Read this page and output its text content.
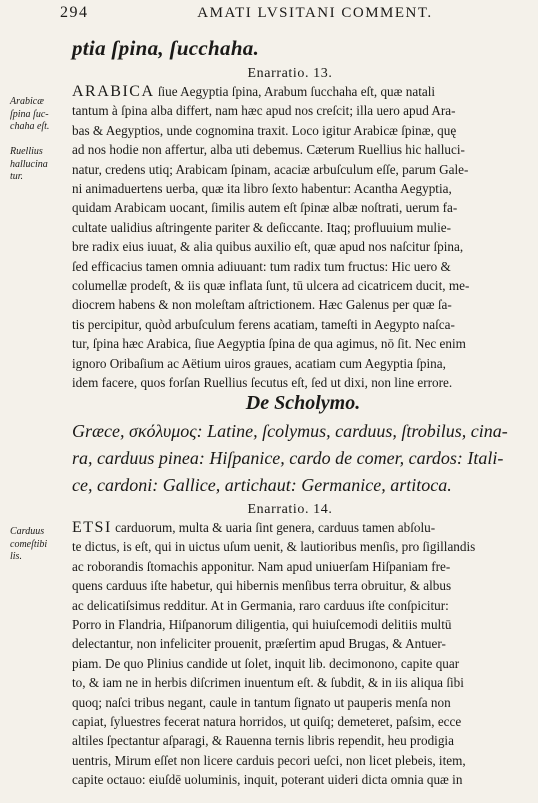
294	AMATI LVSITANI COMMENT.
ptia ſpina, ſucchaha.
Enarratio. 13.
Arabicæ
ſpina ſuc-
chaha eſt.
Ruellius
hallucina
tur.
ARABICA ſiue Aegyptia ſpina, Arabum ſucchaha eſt, quæ natali
tantum à ſpina alba differt, nam hæc apud nos creſcit; illa uero apud Ara-
bas & Aegyptios, unde cognomina traxit. Loco igitur Arabicæ ſpinæ, quę
ad nos hodie non affertur, alba uti debemus. Cæterum Ruellius hic halluci-
natur, credens utiq; Arabicam ſpinam, acaciæ arbuſculum eſſe, parum Gale-
ni animaduertens uerba, quæ ita libro ſexto habentur: Acantha Aegyptia,
quidam Arabicam uocant, ſimilis autem eſt ſpinæ albæ noſtrati, uerum fa-
cultate ualidius aſtringente pariter & deſiccante. Itaq; profluuium mulie-
bre radix eius iuuat, & alia quibus auxilio eſt, quæ apud nos naſcitur ſpina,
ſed efficacius tamen omnia adiuuant: tum radix tum fructus: Hic uero &
columellæ prodeſt, & iis quæ inflata ſunt, tū ulcera ad cicatricem ducit, me-
diocrem habens & non moleſtam aſtrictionem. Hæc Galenus per quæ ſa-
tis percipitur, quòd arbuſculum ferens acatiam, tameſti in Aegypto naſca-
tur, ſpina hæc Arabica, ſiue Aegyptia ſpina de qua agimus, nō ſit. Nec enim
ignoro Oribaſium ac Aëtium uiros graues, acatiam cum Aegyptia ſpina,
idem facere, quos forſan Ruellius ſecutus eſt, ſed ut dixi, non line errore.
De Scholymo.
Græce, σκόλυμος: Latine, ſcolymus, carduus, ſtrobilus, cina-
ra, carduus pinea: Hiſpanice, cardo de comer, cardos: Itali-
ce, cardoni: Gallice, artichaut: Germanice, artitoca.
Enarratio. 14.
Carduus
comeſtibi
lis.
ETSI carduorum, multa & uaria ſint genera, carduus tamen abſolu-
te dictus, is eſt, qui in uictus uſum uenit, & lautioribus menſis, pro ſigillandis
ac roborandis ſtomachis apponitur. Nam apud uniuerſam Hiſpaniam fre-
quens carduus iſte habetur, qui hibernis menſibus terra obruitur, & albus
ac delicatiſsimus redditur. At in Germania, raro carduus iſte conſpicitur:
Porro in Flandria, Hiſpanorum diligentia, qui huiuſcemodi delitiis multū
delectantur, non infeliciter prouenit, præſertim apud Brugas, & Antuer-
piam. De quo Plinius candide ut ſolet, inquit lib. decimonono, capite quar
to, & iam ne in herbis diſcrimen inuentum eſt. & ſubdit, & in iis aliqua ſibi
quoq; naſci tribus negant, caule in tantum ſignato ut pauperis menſa non
capiat, ſyluestres fecerat natura horridos, ut quiſq; demeteret, paſsim, ecce
altiles ſpectantur aſparagi, & Rauenna ternis libris rependit, heu prodigia
uentris, Mirum eſſet non licere carduis pecori ueſci, non licet plebeis, item,
capite octauo: eiuſdē uoluminis, inquit, poterant uideri dicta omnia quæ in
